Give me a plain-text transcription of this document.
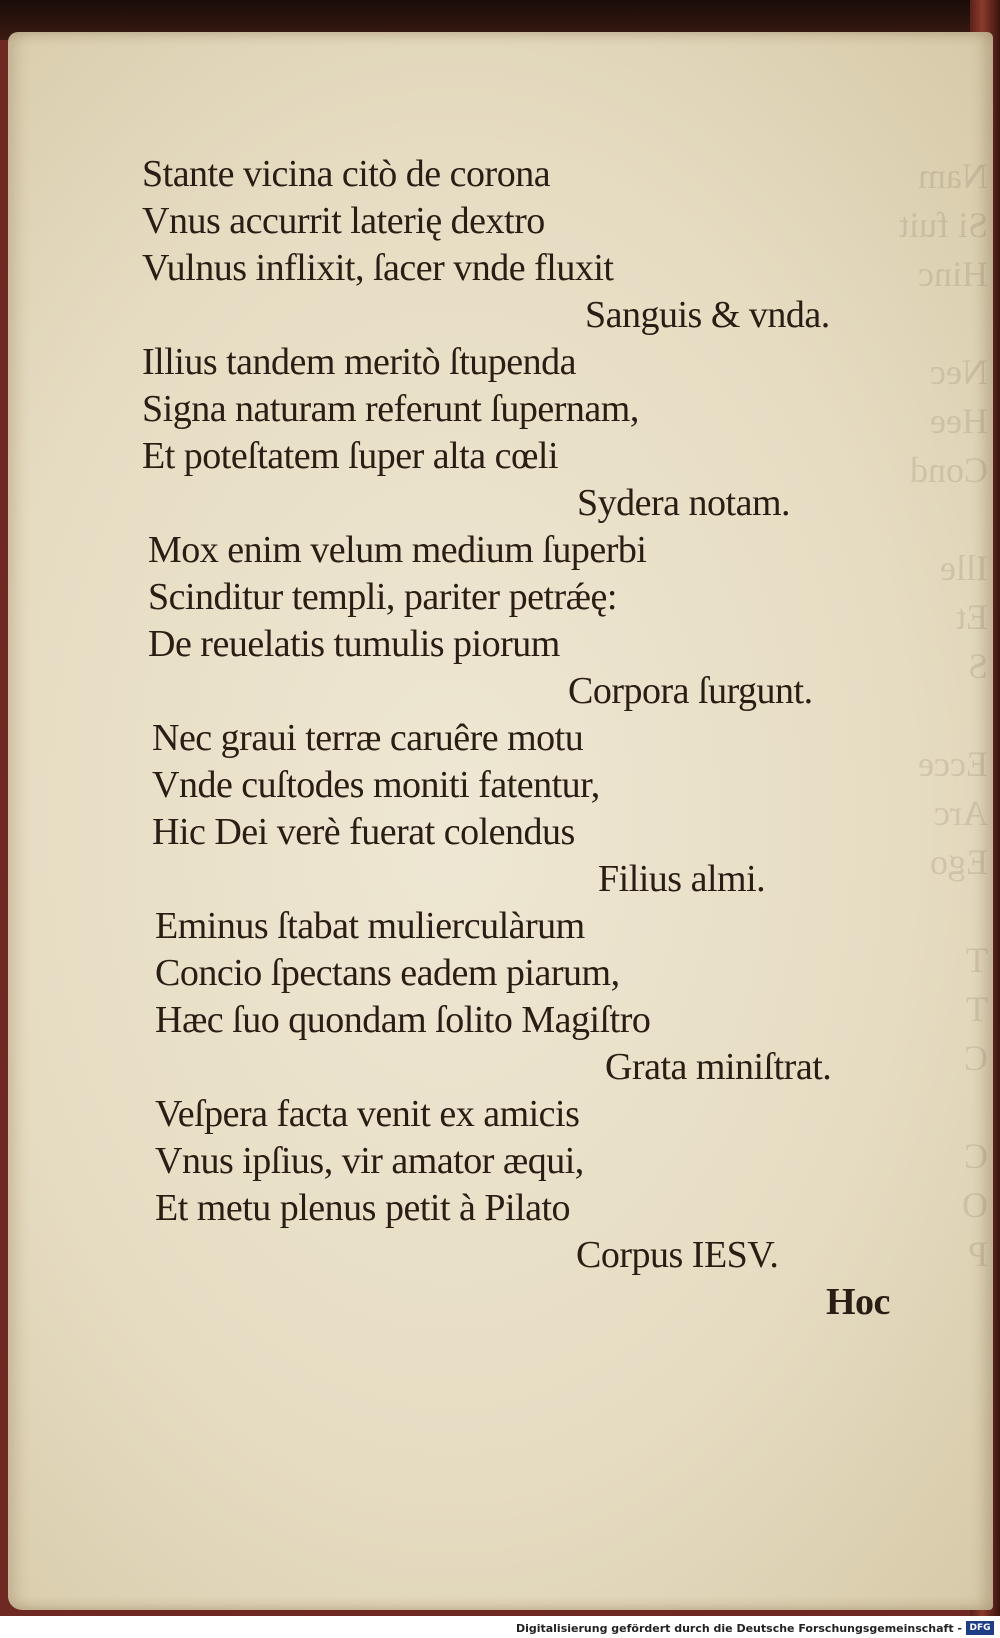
Nam
Si fuit
Hinc

Nec
Hee
Cond

Ille
Et
S

Ecce
Arc
Ego

T
T
C

C
O
P

Stante vicina citò de corona

Vnus accurrit laterię dextro

Vulnus inflixit, ſacer vnde fluxit

Sanguis & vnda.

Illius tandem meritò ſtupenda

Signa naturam referunt ſupernam,

Et poteſtatem ſuper alta cœli

Sydera notam.

Mox enim velum medium ſuperbi

Scinditur templi, pariter petrǽę:

De reuelatis tumulis piorum

Corpora ſurgunt.

Nec graui terræ caruêre motu

Vnde cuſtodes moniti fatentur,

Hic Dei verè fuerat colendus

Filius almi.

Eminus ſtabat mulierculàrum

Concio ſpectans eadem piarum,

Hæc ſuo quondam ſolito Magiſtro

Grata miniſtrat.

Veſpera facta venit ex amicis

Vnus ipſius, vir amator æqui,

Et metu plenus petit à Pilato

Corpus IESV.

Hoc

Digitalisierung gefördert durch die Deutsche Forschungsgemeinschaft - DFG
